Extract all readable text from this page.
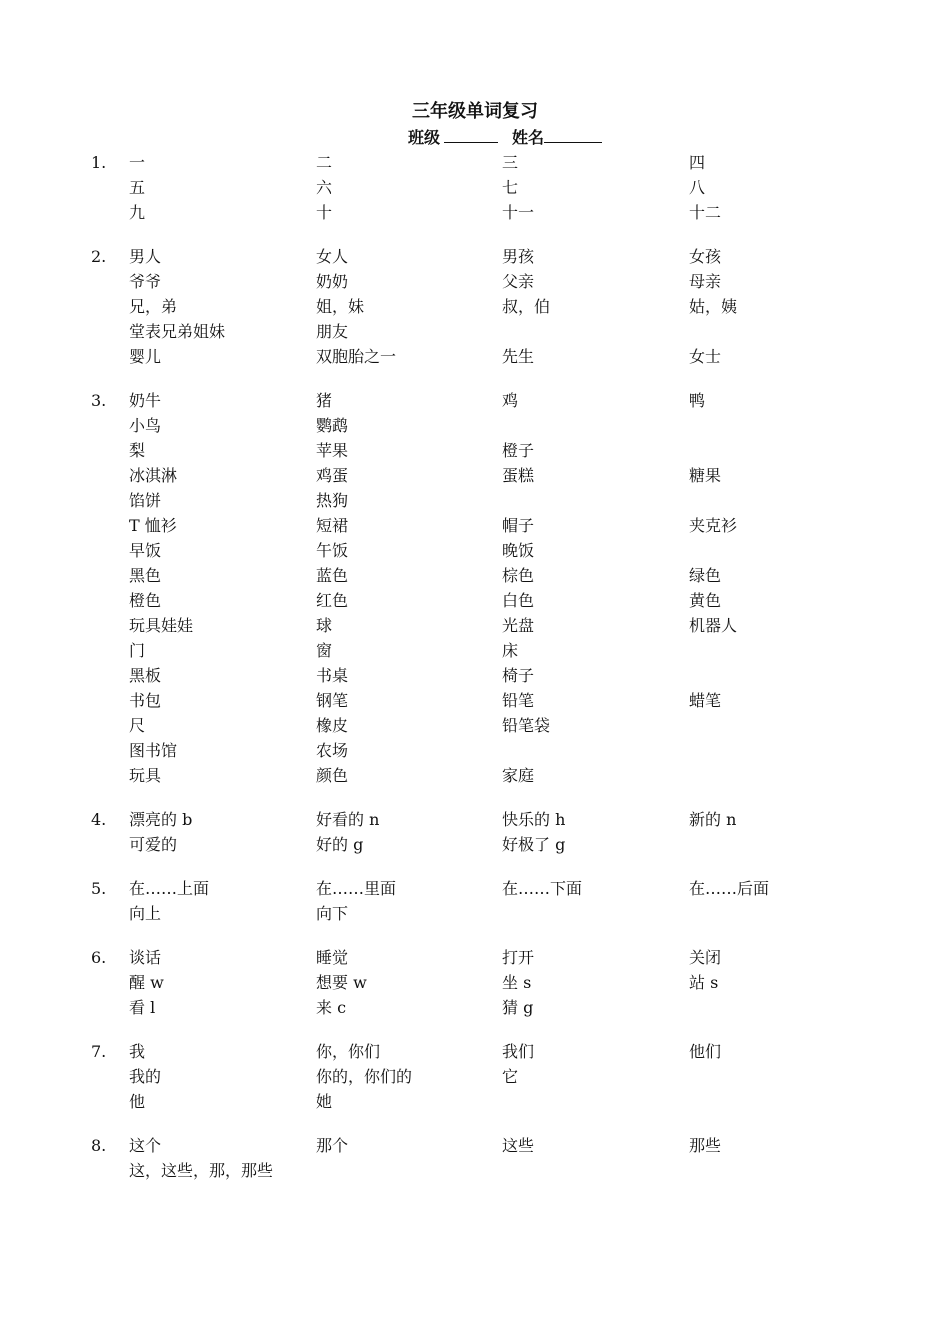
三年级单词复习
班级	姓名
1. 一	二	三	四
五	六	七	八
九	十	十一	十二
2. 男人	女人	男孩	女孩
爷爷	奶奶	父亲	母亲
兄，弟	姐，妹	叔，伯	姑，姨
堂表兄弟姐妹	朋友
婴儿	双胞胎之一	先生	女士
3. 奶牛	猪	鸡	鸭
小鸟	鹦鹉
梨	苹果	橙子
冰淇淋	鸡蛋	蛋糕	糖果
馅饼	热狗
T 恤衫	短裙	帽子	夹克衫
早饭	午饭	晚饭
黑色	蓝色	棕色	绿色
橙色	红色	白色	黄色
玩具娃娃	球	光盘	机器人
门	窗	床
黑板	书桌	椅子
书包	钢笔	铅笔	蜡笔
尺	橡皮	铅笔袋
图书馆	农场
玩具	颜色	家庭
4. 漂亮的 b	好看的 n	快乐的 h	新的 n
可爱的	好的 g	好极了 g
5. 在……上面	在……里面	在……下面	在……后面
向上	向下
6. 谈话	睡觉	打开	关闭
醒 w	想要 w	坐 s	站 s
看 l	来 c	猜 g
7. 我	你，你们	我们	他们
我的	你的，你们的	它
他	她
8. 这个	那个	这些	那些
这，这些，那，那些
